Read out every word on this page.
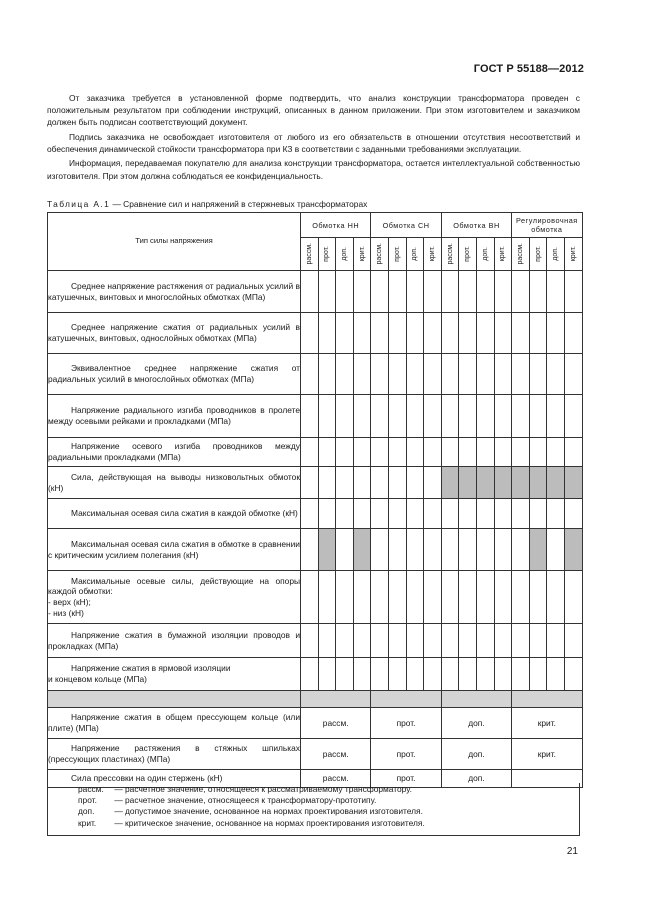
ГОСТ Р 55188—2012

От заказчика требуется в установленной форме подтвердить, что анализ конструкции трансформатора проведен с положительным результатом при соблюдении инструкций, описанных в данном приложении. При этом изготовителем и заказчиком должен быть подписан соответствующий документ.

Подпись заказчика не освобождает изготовителя от любого из его обязательств в отношении отсутствия несоответствий и обеспечения динамической стойкости трансформатора при КЗ в соответствии с заданными требованиями эксплуатации.

Информация, передаваемая покупателю для анализа конструкции трансформатора, остается интеллектуальной собственностью изготовителя. При этом должна соблюдаться ее конфиденциальность.

Таблица А.1 — Сравнение сил и напряжений в стержневых трансформаторах
Тип силы напряжения	Обмотка НН				Обмотка СН				Обмотка ВН				Регулировочная обмотка			

	рассм.	прот.	доп.	крит.	рассм.	прот.	доп.	крит.	рассм.	прот.	доп.	крит.	рассм.	прот.	доп.	крит.

Среднее напряжение растяжения от радиальных усилий в катушечных, винтовых и многослойных обмотках (МПа)																
Среднее напряжение сжатия от радиальных усилий в катушечных, винтовых, однослойных обмотках (МПа)																
Эквивалентное среднее напряжение сжатия от радиальных усилий в многослойных обмотках (МПа)																
Напряжение радиального изгиба проводников в пролете между осевыми рейками и прокладками (МПа)																
Напряжение осевого изгиба проводников между радиальными прокладками (МПа)																
Сила, действующая на выводы низковольтных обмоток (кН)																
Максимальная осевая сила сжатия в каждой обмотке (кН)																
Максимальная осевая сила сжатия в обмотке в сравнении с критическим усилием полегания (кН)																
Максимальные осевые силы, действующие на опоры каждой обмотки:
- верх (кН);
- низ (кН)																
Напряжение сжатия в бумажной изоляции проводов и прокладках (МПа)																
Напряжение сжатия в ярмовой изоляции
и концевом кольце (МПа)																

Напряжение сжатия в общем прессующем кольце (или плите) (МПа)	рассм.				прот.				доп.				крит.			
Напряжение растяжения в стяжных шпильках (прессующих пластинах) (МПа)	рассм.				прот.				доп.				крит.			
Сила прессовки на один стержень (кН)	рассм.				прот.				доп.							
рассм. — расчетное значение, относящееся к рассматриваемому трансформатору.
прот. — расчетное значение, относящееся к трансформатору-прототипу.
доп. — допустимое значение, основанное на нормах проектирования изготовителя.
крит. — критическое значение, основанное на нормах проектирования изготовителя.
21
